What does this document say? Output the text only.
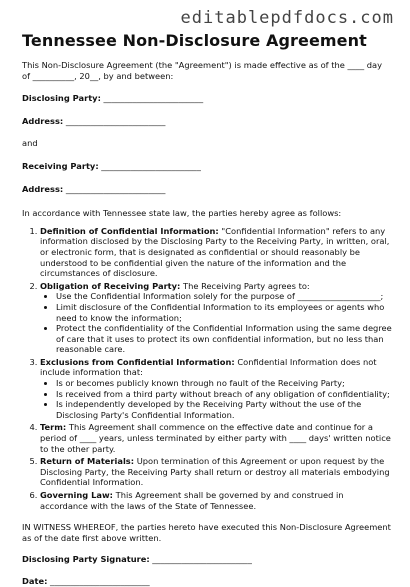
editablepdfdocs.com
Tennessee Non-Disclosure Agreement

This Non-Disclosure Agreement (the "Agreement") is made effective as of the ____ day of __________, 20__, by and between:

Disclosing Party: ________________________

Address: ________________________

and

Receiving Party: ________________________

Address: ________________________

In accordance with Tennessee state law, the parties hereby agree as follows:

1. Definition of Confidential Information: "Confidential Information" refers to any information disclosed by the Disclosing Party to the Receiving Party, in written, oral, or electronic form, that is designated as confidential or should reasonably be understood to be confidential given the nature of the information and the circumstances of disclosure.
2. Obligation of Receiving Party: The Receiving Party agrees to:
• Use the Confidential Information solely for the purpose of ____________________;
• Limit disclosure of the Confidential Information to its employees or agents who need to know the information;
• Protect the confidentiality of the Confidential Information using the same degree of care that it uses to protect its own confidential information, but no less than reasonable care.
3. Exclusions from Confidential Information: Confidential Information does not include information that:
• Is or becomes publicly known through no fault of the Receiving Party;
• Is received from a third party without breach of any obligation of confidentiality;
• Is independently developed by the Receiving Party without the use of the Disclosing Party's Confidential Information.
4. Term: This Agreement shall commence on the effective date and continue for a period of ____ years, unless terminated by either party with ____ days' written notice to the other party.
5. Return of Materials: Upon termination of this Agreement or upon request by the Disclosing Party, the Receiving Party shall return or destroy all materials embodying Confidential Information.
6. Governing Law: This Agreement shall be governed by and construed in accordance with the laws of the State of Tennessee.

IN WITNESS WHEREOF, the parties hereto have executed this Non-Disclosure Agreement as of the date first above written.

Disclosing Party Signature: ________________________

Date: ________________________
